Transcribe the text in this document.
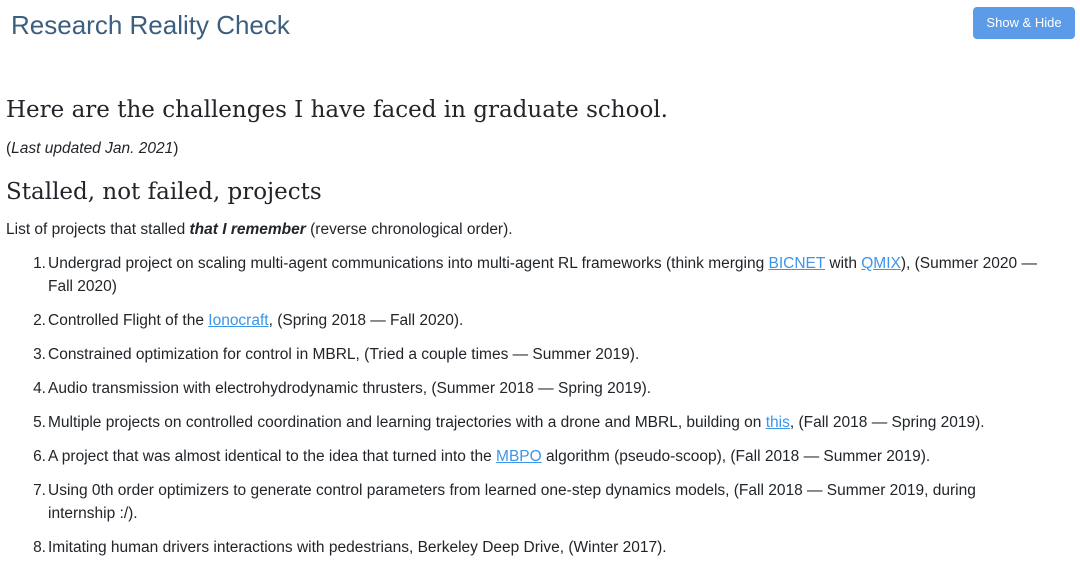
Research Reality Check	Show & Hide
Here are the challenges I have faced in graduate school.

(Last updated Jan. 2021)

Stalled, not failed, projects

List of projects that stalled that I remember (reverse chronological order).

1. Undergrad project on scaling multi-agent communications into multi-agent RL frameworks (think merging BICNET with QMIX), (Summer 2020 — Fall 2020)
2. Controlled Flight of the Ionocraft, (Spring 2018 — Fall 2020).
3. Constrained optimization for control in MBRL, (Tried a couple times — Summer 2019).
4. Audio transmission with electrohydrodynamic thrusters, (Summer 2018 — Spring 2019).
5. Multiple projects on controlled coordination and learning trajectories with a drone and MBRL, building on this, (Fall 2018 — Spring 2019).
6. A project that was almost identical to the idea that turned into the MBPO algorithm (pseudo-scoop), (Fall 2018 — Summer 2019).
7. Using 0th order optimizers to generate control parameters from learned one-step dynamics models, (Fall 2018 — Summer 2019, during internship :/).
8. Imitating human drivers interactions with pedestrians, Berkeley Deep Drive, (Winter 2017).
